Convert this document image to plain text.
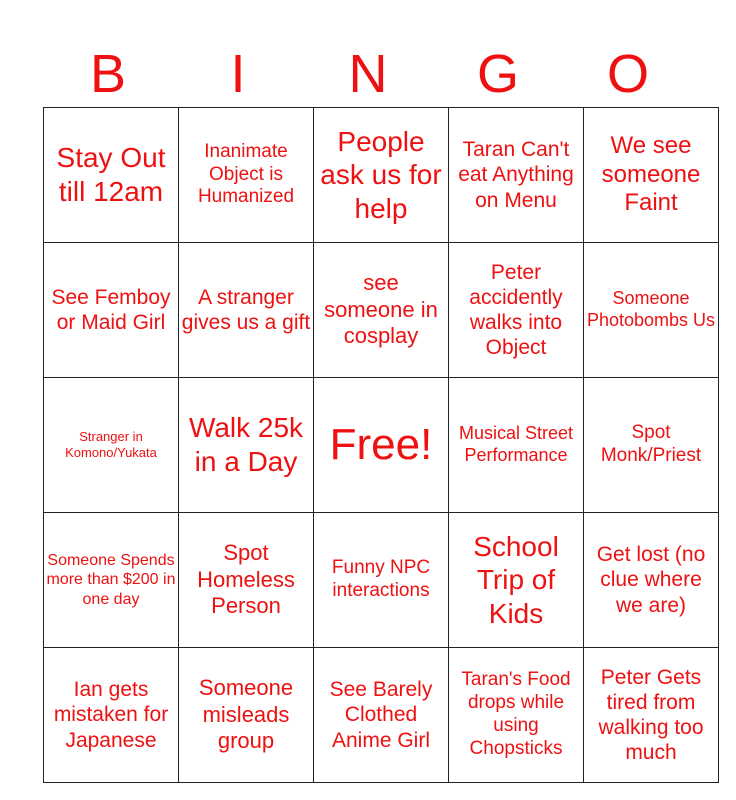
B	I	N	G	O
Stay Out till 12am	Inanimate Object is Humanized	People ask us for help	Taran Can't eat Anything on Menu	We see someone Faint
See Femboy or Maid Girl	A stranger gives us a gift	see someone in cosplay	Peter accidently walks into Object	Someone Photobombs Us
Stranger in Komono/Yukata	Walk 25k in a Day	Free!	Musical Street Performance	Spot Monk/Priest
Someone Spends more than $200 in one day	Spot Homeless Person	Funny NPC interactions	School Trip of Kids	Get lost (no clue where we are)
Ian gets mistaken for Japanese	Someone misleads group	See Barely Clothed Anime Girl	Taran's Food drops while using Chopsticks	Peter Gets tired from walking too much
